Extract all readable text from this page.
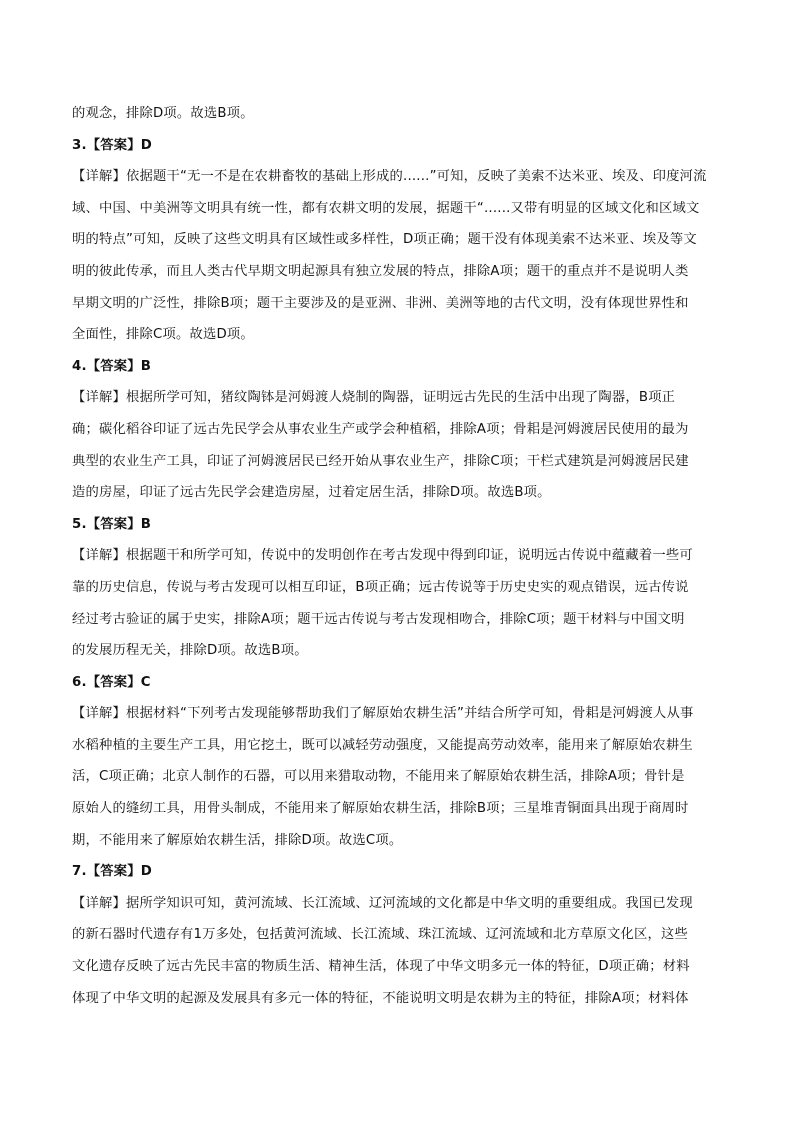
的观念，排除D项。故选B项。
3.【答案】D
【详解】依据题干“无一不是在农耕畜牧的基础上形成的......”可知，反映了美索不达米亚、埃及、印度河流
域、中国、中美洲等文明具有统一性，都有农耕文明的发展，据题干“......又带有明显的区域文化和区域文
明的特点”可知，反映了这些文明具有区域性或多样性，D项正确；题干没有体现美索不达米亚、埃及等文
明的彼此传承，而且人类古代早期文明起源具有独立发展的特点，排除A项；题干的重点并不是说明人类
早期文明的广泛性，排除B项；题干主要涉及的是亚洲、非洲、美洲等地的古代文明，没有体现世界性和
全面性，排除C项。故选D项。
4.【答案】B
【详解】根据所学可知，猪纹陶钵是河姆渡人烧制的陶器，证明远古先民的生活中出现了陶器，B项正
确；碳化稻谷印证了远古先民学会从事农业生产或学会种植稻，排除A项；骨耜是河姆渡居民使用的最为
典型的农业生产工具，印证了河姆渡居民已经开始从事农业生产，排除C项；干栏式建筑是河姆渡居民建
造的房屋，印证了远古先民学会建造房屋，过着定居生活，排除D项。故选B项。
5.【答案】B
【详解】根据题干和所学可知，传说中的发明创作在考古发现中得到印证，说明远古传说中蕴藏着一些可
靠的历史信息，传说与考古发现可以相互印证，B项正确；远古传说等于历史史实的观点错误，远古传说
经过考古验证的属于史实，排除A项；题干远古传说与考古发现相吻合，排除C项；题干材料与中国文明
的发展历程无关，排除D项。故选B项。
6.【答案】C
【详解】根据材料“下列考古发现能够帮助我们了解原始农耕生活”并结合所学可知，骨耜是河姆渡人从事
水稻种植的主要生产工具，用它挖土，既可以减轻劳动强度，又能提高劳动效率，能用来了解原始农耕生
活，C项正确；北京人制作的石器，可以用来猎取动物，不能用来了解原始农耕生活，排除A项；骨针是
原始人的缝纫工具，用骨头制成，不能用来了解原始农耕生活，排除B项；三星堆青铜面具出现于商周时
期，不能用来了解原始农耕生活，排除D项。故选C项。
7.【答案】D
【详解】据所学知识可知，黄河流域、长江流域、辽河流域的文化都是中华文明的重要组成。我国已发现
的新石器时代遗存有1万多处，包括黄河流域、长江流域、珠江流域、辽河流域和北方草原文化区，这些
文化遗存反映了远古先民丰富的物质生活、精神生活，体现了中华文明多元一体的特征，D项正确；材料
体现了中华文明的起源及发展具有多元一体的特征，不能说明文明是农耕为主的特征，排除A项；材料体
